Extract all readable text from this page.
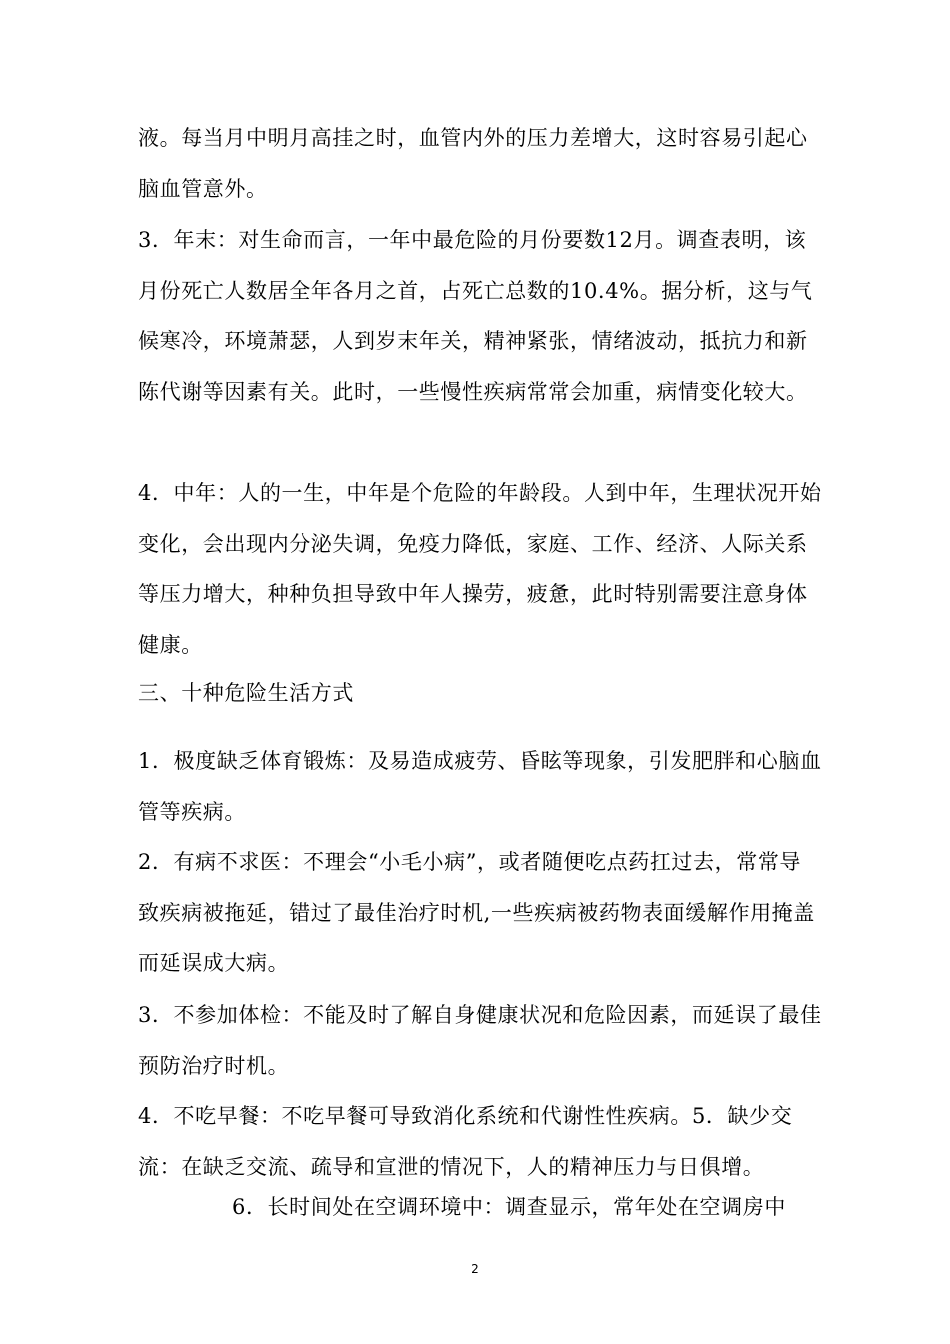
液。每当月中明月高挂之时，血管内外的压力差增大，这时容易引起心脑血管意外。

3．年末：对生命而言，一年中最危险的月份要数12月。调查表明，该月份死亡人数居全年各月之首，占死亡总数的10.4%。据分析，这与气候寒冷，环境萧瑟，人到岁末年关，精神紧张，情绪波动，抵抗力和新陈代谢等因素有关。此时，一些慢性疾病常常会加重，病情变化较大。

4．中年：人的一生，中年是个危险的年龄段。人到中年，生理状况开始变化，会出现内分泌失调，免疫力降低，家庭、工作、经济、人际关系等压力增大，种种负担导致中年人操劳，疲惫，此时特别需要注意身体健康。

三、十种危险生活方式

1．极度缺乏体育锻炼：及易造成疲劳、昏眩等现象，引发肥胖和心脑血管等疾病。

2．有病不求医：不理会“小毛小病”，或者随便吃点药扛过去，常常导致疾病被拖延，错过了最佳治疗时机,一些疾病被药物表面缓解作用掩盖而延误成大病。

3．不参加体检：不能及时了解自身健康状况和危险因素，而延误了最佳预防治疗时机。

4．不吃早餐：不吃早餐可导致消化系统和代谢性性疾病。5．缺少交流：在缺乏交流、疏导和宣泄的情况下，人的精神压力与日俱增。

6．长时间处在空调环境中：调查显示，常年处在空调房中

2
